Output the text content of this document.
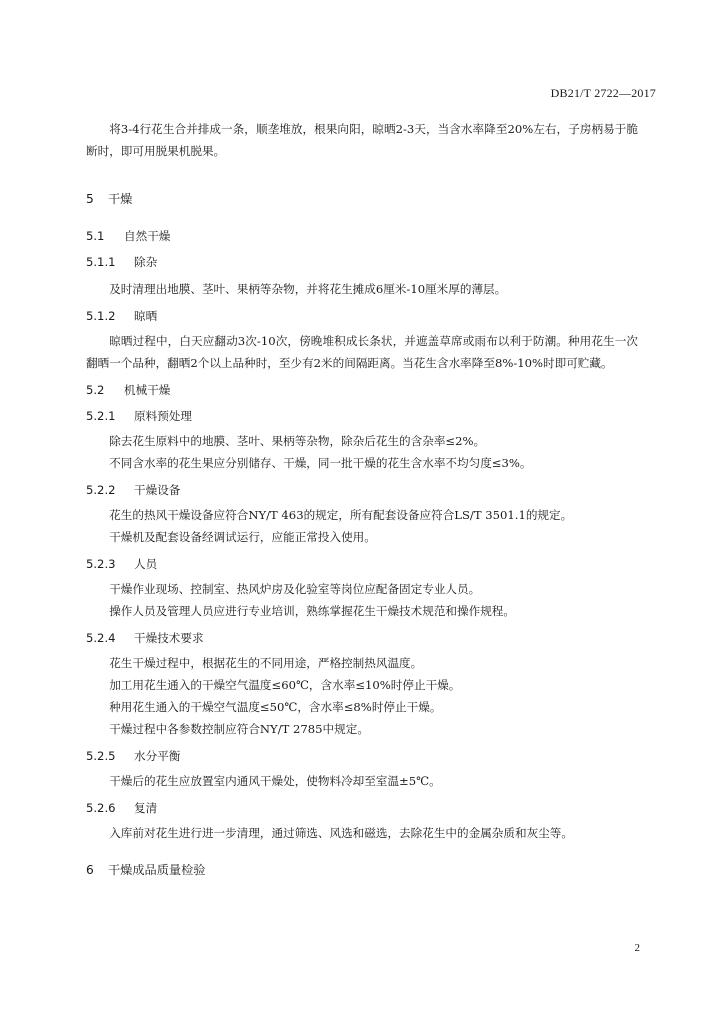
DB21/T 2722—2017

将3-4行花生合并排成一条，顺垄堆放，根果向阳，晾晒2-3天，当含水率降至20%左右，子房柄易于脆断时，即可用脱果机脱果。

5 干燥
5.1 自然干燥
5.1.1 除杂

及时清理出地膜、茎叶、果柄等杂物，并将花生摊成6厘米-10厘米厚的薄层。

5.1.2 晾晒

晾晒过程中，白天应翻动3次-10次，傍晚堆积成长条状，并遮盖草席或雨布以利于防潮。种用花生一次翻晒一个品种，翻晒2个以上品种时，至少有2米的间隔距离。当花生含水率降至8%-10%时即可贮藏。

5.2 机械干燥
5.2.1 原料预处理

除去花生原料中的地膜、茎叶、果柄等杂物，除杂后花生的含杂率≤2%。

不同含水率的花生果应分别储存、干燥，同一批干燥的花生含水率不均匀度≤3%。

5.2.2 干燥设备

花生的热风干燥设备应符合NY/T 463的规定，所有配套设备应符合LS/T 3501.1的规定。

干燥机及配套设备经调试运行，应能正常投入使用。

5.2.3 人员

干燥作业现场、控制室、热风炉房及化验室等岗位应配备固定专业人员。

操作人员及管理人员应进行专业培训，熟练掌握花生干燥技术规范和操作规程。

5.2.4 干燥技术要求

花生干燥过程中，根据花生的不同用途，严格控制热风温度。

加工用花生通入的干燥空气温度≤60℃，含水率≤10%时停止干燥。

种用花生通入的干燥空气温度≤50℃，含水率≤8%时停止干燥。

干燥过程中各参数控制应符合NY/T 2785中规定。

5.2.5 水分平衡

干燥后的花生应放置室内通风干燥处，使物料冷却至室温±5℃。

5.2.6 复清

入库前对花生进行进一步清理，通过筛选、风选和磁选，去除花生中的金属杂质和灰尘等。

6 干燥成品质量检验
2
